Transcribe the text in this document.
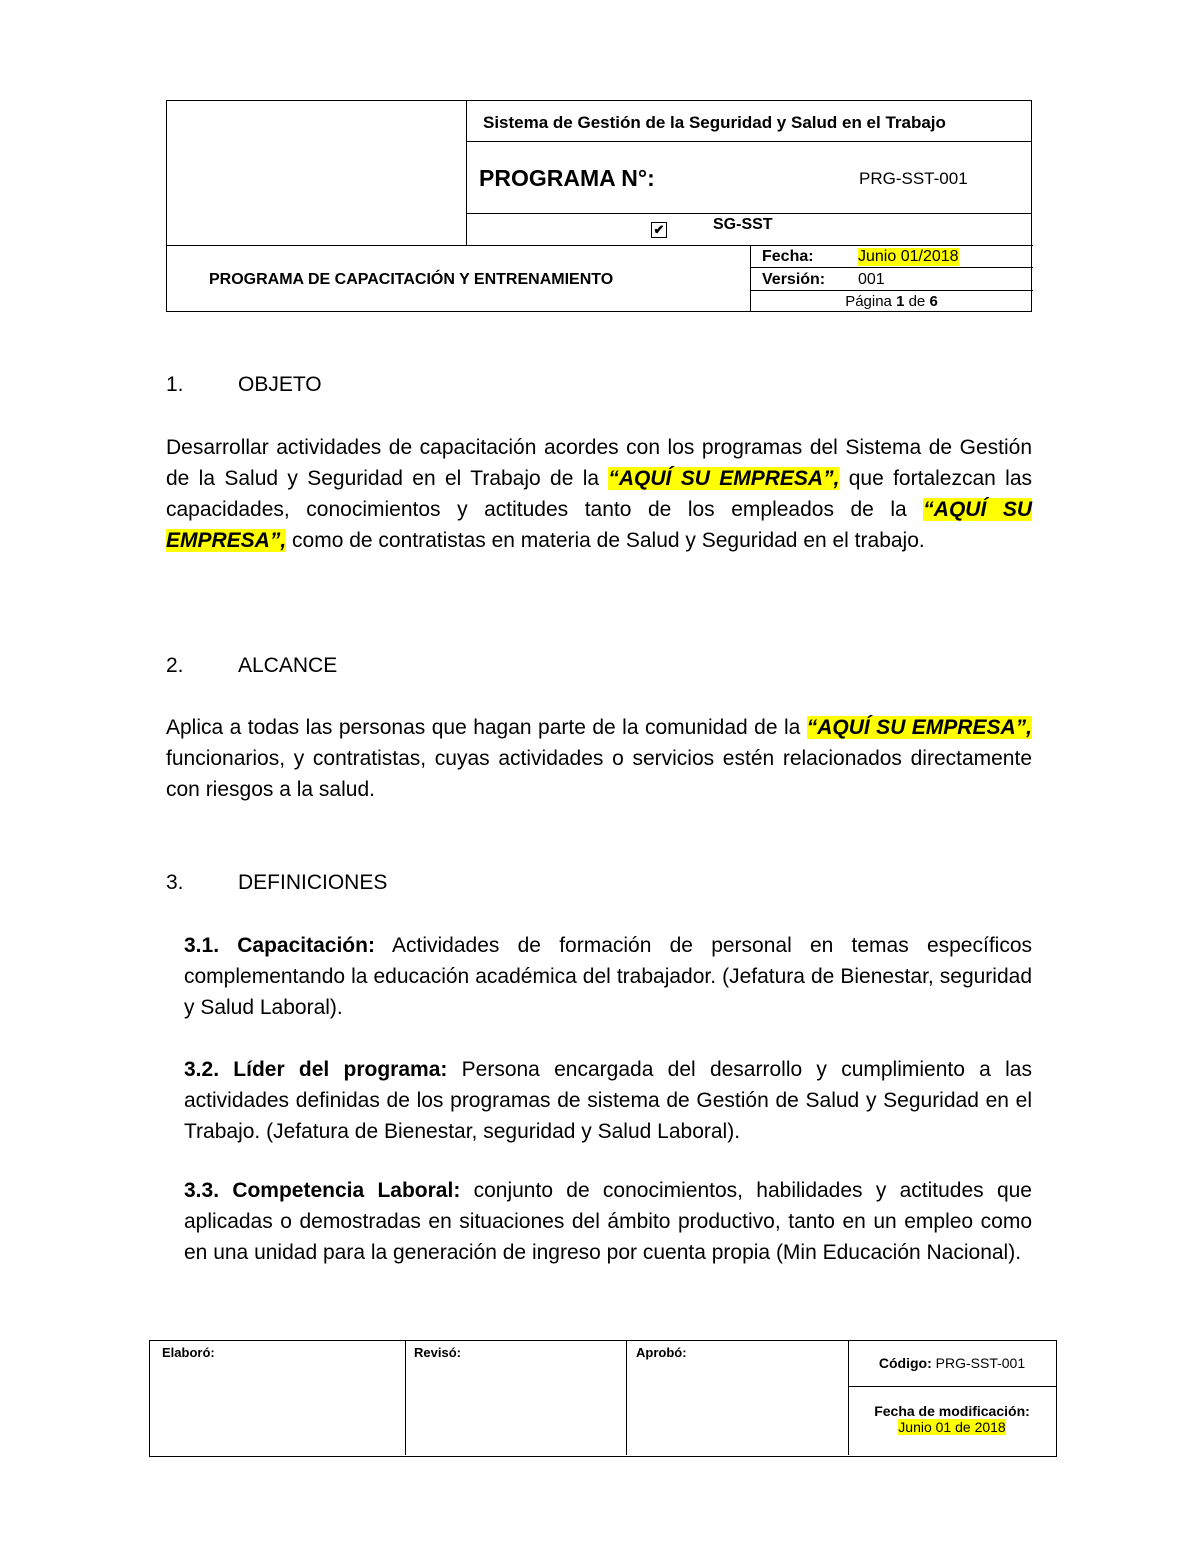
Sistema de Gestión de la Seguridad y Salud en el Trabajo
PROGRAMA N°:	PRG-SST-001
✔	SG-SST
PROGRAMA DE CAPACITACIÓN Y ENTRENAMIENTO
Fecha:	Junio 01/2018
Versión: 001
Página 1 de 6
1.	OBJETO
Desarrollar actividades de capacitación acordes con los programas del Sistema de Gestión de la Salud y Seguridad en el Trabajo de la “AQUÍ SU EMPRESA”, que fortalezcan las capacidades, conocimientos y actitudes tanto de los empleados de la “AQUÍ SU EMPRESA”, como de contratistas en materia de Salud y Seguridad en el trabajo.
2.	ALCANCE
Aplica a todas las personas que hagan parte de la comunidad de la “AQUÍ SU EMPRESA”, funcionarios, y contratistas, cuyas actividades o servicios estén relacionados directamente con riesgos a la salud.
3.	DEFINICIONES
3.1. Capacitación: Actividades de formación de personal en temas específicos complementando la educación académica del trabajador. (Jefatura de Bienestar, seguridad y Salud Laboral).
3.2. Líder del programa: Persona encargada del desarrollo y cumplimiento a las actividades definidas de los programas de sistema de Gestión de Salud y Seguridad en el Trabajo. (Jefatura de Bienestar, seguridad y Salud Laboral).
3.3. Competencia Laboral: conjunto de conocimientos, habilidades y actitudes que aplicadas o demostradas en situaciones del ámbito productivo, tanto en un empleo como en una unidad para la generación de ingreso por cuenta propia (Min Educación Nacional).
Elaboró:	Revisó:	Aprobó:
Código: PRG-SST-001
Fecha de modificación:
Junio 01 de 2018
